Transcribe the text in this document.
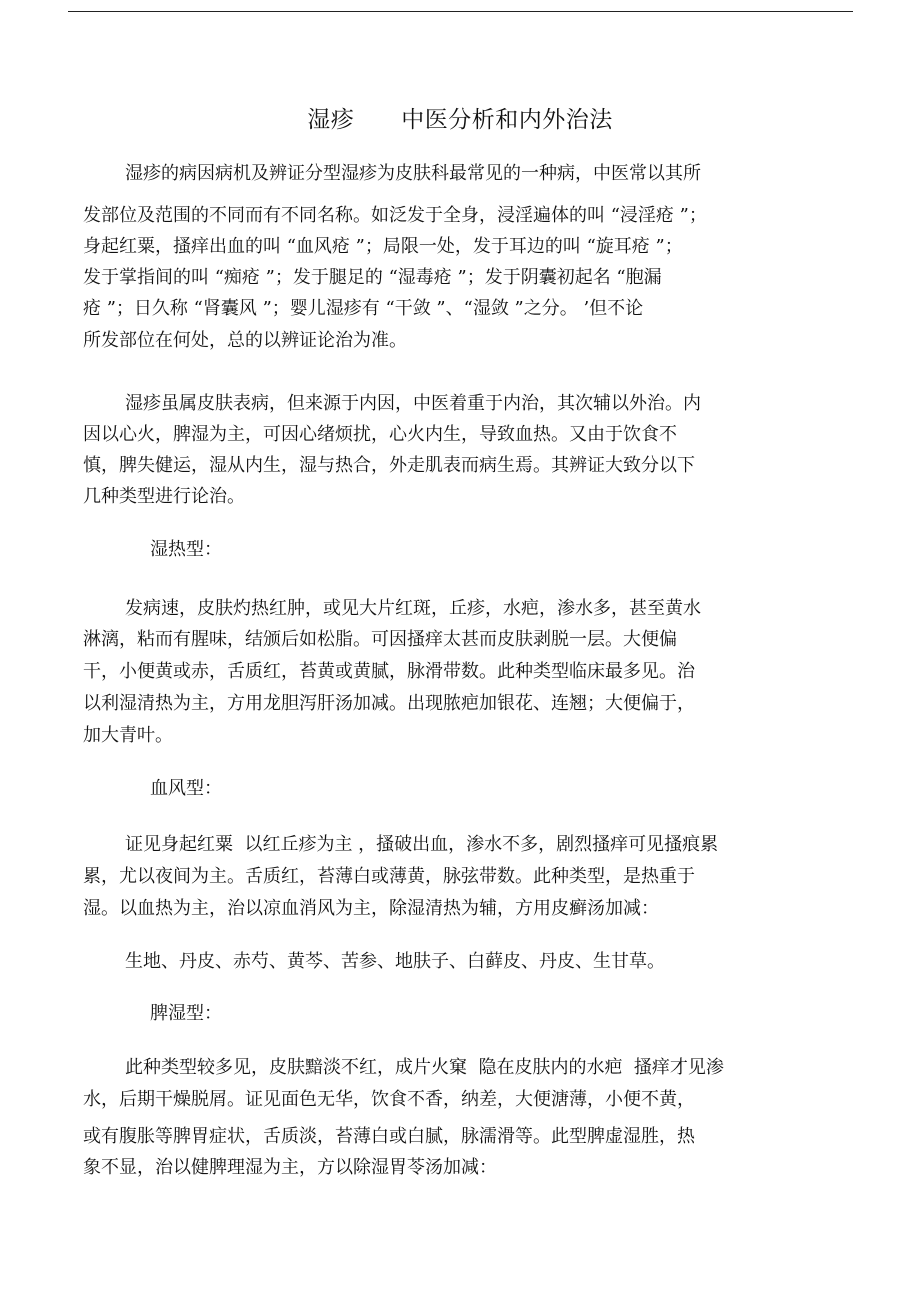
湿疹　　中医分析和内外治法
湿疹的病因病机及辨证分型湿疹为皮肤科最常见的一种病，中医常以其所
发部位及范围的不同而有不同名称。如泛发于全身，浸淫遍体的叫 “浸淫疮 ”；
身起红粟，搔痒出血的叫 “血风疮 ”；局限一处，发于耳边的叫 “旋耳疮 ”；
发于掌指间的叫 “痴疮 ”；发于腿足的 “湿毒疮 ”；发于阴囊初起名 “胞漏
疮 ”；日久称 “肾囊风 ”；婴儿湿疹有 “干敛 ”、“湿敛 ”之分。 ’但不论
所发部位在何处，总的以辨证论治为准。
湿疹虽属皮肤表病，但来源于内因，中医着重于内治，其次辅以外治。内
因以心火，脾湿为主，可因心绪烦扰，心火内生，导致血热。又由于饮食不
慎，脾失健运，湿从内生，湿与热合，外走肌表而病生焉。其辨证大致分以下
几种类型进行论治。
湿热型：
发病速，皮肤灼热红肿，或见大片红斑，丘疹，水疤，渗水多，甚至黄水
淋漓，粘而有腥味，结颁后如松脂。可因搔痒太甚而皮肤剥脱一层。大便偏
干，小便黄或赤，舌质红，苔黄或黄腻，脉滑带数。此种类型临床最多见。治
以利湿清热为主，方用龙胆泻肝汤加减。出现脓疤加银花、连翘；大便偏于，
加大青叶。
血风型：
证见身起红粟  以红丘疹为主 ，搔破出血，渗水不多，剧烈搔痒可见搔痕累
累，尤以夜间为主。舌质红，苔薄白或薄黄，脉弦带数。此种类型，是热重于
湿。以血热为主，治以凉血消风为主，除湿清热为辅，方用皮癣汤加减：
生地、丹皮、赤芍、黄芩、苦参、地肤子、白藓皮、丹皮、生甘草。
脾湿型：
此种类型较多见，皮肤黯淡不红，成片火窠  隐在皮肤内的水疤  搔痒才见渗
水，后期干燥脱屑。证见面色无华，饮食不香，纳差，大便溏薄，小便不黄，
或有腹胀等脾胃症状，舌质淡，苔薄白或白腻，脉濡滑等。此型脾虚湿胜，热
象不显，治以健脾理湿为主，方以除湿胃苓汤加减：
